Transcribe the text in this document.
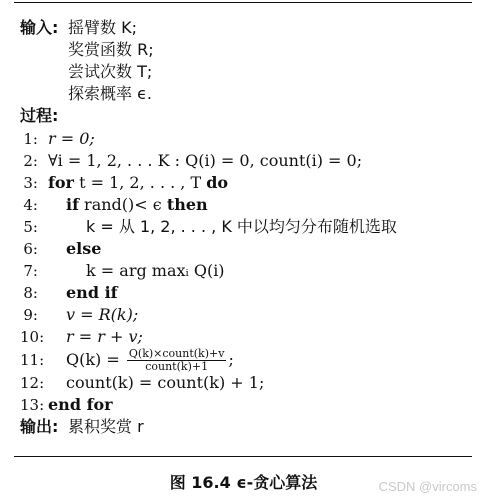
输入: 摇臂数 K;
奖赏函数 R;
尝试次数 T;
探索概率 ϵ.
过程:
1: r = 0;
2: ∀i = 1, 2, . . . K : Q(i) = 0, count(i) = 0;
3: for t = 1, 2, . . . , T do
4: if rand()< ϵ then
5:	k = 从 1, 2, . . . , K 中以均匀分布随机选取
6: else
7:	k = arg maxᵢ Q(i)
8: end if
9: v = R(k);
10: r = r + v;
11: $Q(k) = \frac{\text{Q(k)×count(k)+v}}{\text{count(k)+1}}$ ;
12: count(k) = count(k) + 1;
13: end for
输出: 累积奖赏 r
图 16.4 ϵ-贪心算法	CSDN @vircoms
